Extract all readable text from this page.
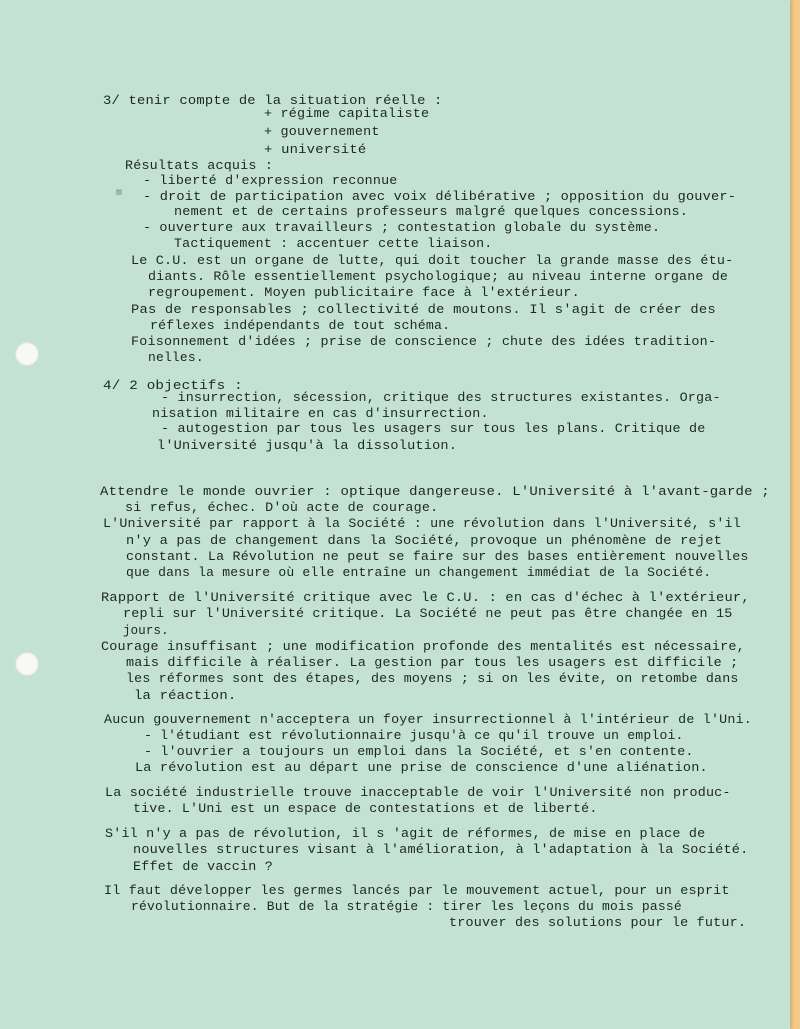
m

3/ tenir compte de la situation réelle :

+ régime capitaliste

+ gouvernement

+ université

Résultats acquis :

- liberté d'expression reconnue

- droit de participation avec voix délibérative ; opposition du gouver-

nement et de certains professeurs malgré quelques concessions.

- ouverture aux travailleurs ; contestation globale du système.

Tactiquement : accentuer cette liaison.

Le C.U. est un organe de lutte, qui doit toucher la grande masse des étu-

diants. Rôle essentiellement psychologique; au niveau interne organe de

regroupement. Moyen publicitaire face à l'extérieur.

Pas de responsables ; collectivité de moutons. Il s'agit de créer des

réflexes indépendants de tout schéma.

Foisonnement d'idées ; prise de conscience ; chute des idées tradition-

nelles.

4/ 2 objectifs :

- insurrection, sécession, critique des structures existantes. Orga-

nisation militaire en cas d'insurrection.

- autogestion par tous les usagers sur tous les plans. Critique de

l'Université jusqu'à la dissolution.

Attendre le monde ouvrier : optique dangereuse. L'Université à l'avant-garde ;

si refus, échec. D'où acte de courage.

L'Université par rapport à la Société : une révolution dans l'Université, s'il

n'y a pas de changement dans la Société, provoque un phénomène de rejet

constant. La Révolution ne peut se faire sur des bases entièrement nouvelles

que dans la mesure où elle entraîne un changement immédiat de la Société.

Rapport de l'Université critique avec le C.U. : en cas d'échec à l'extérieur,

repli sur l'Université critique. La Société ne peut pas être changée en 15

jours.

Courage insuffisant ; une modification profonde des mentalités est nécessaire,

mais difficile à réaliser. La gestion par tous les usagers est difficile ;

les réformes sont des étapes, des moyens ; si on les évite, on retombe dans

la réaction.

Aucun gouvernement n'acceptera un foyer insurrectionnel à l'intérieur de l'Uni.

- l'étudiant est révolutionnaire jusqu'à ce qu'il trouve un emploi.

- l'ouvrier a toujours un emploi dans la Société, et s'en contente.

La révolution est au départ une prise de conscience d'une aliénation.

La société industrielle trouve inacceptable de voir l'Université non produc-

tive. L'Uni est un espace de contestations et de liberté.

S'il n'y a pas de révolution, il s 'agit de réformes, de mise en place de

nouvelles structures visant à l'amélioration, à l'adaptation à la Société.

Effet de vaccin ?

Il faut développer les germes lancés par le mouvement actuel, pour un esprit

révolutionnaire. But de la stratégie : tirer les leçons du mois passé

trouver des solutions pour le futur.
